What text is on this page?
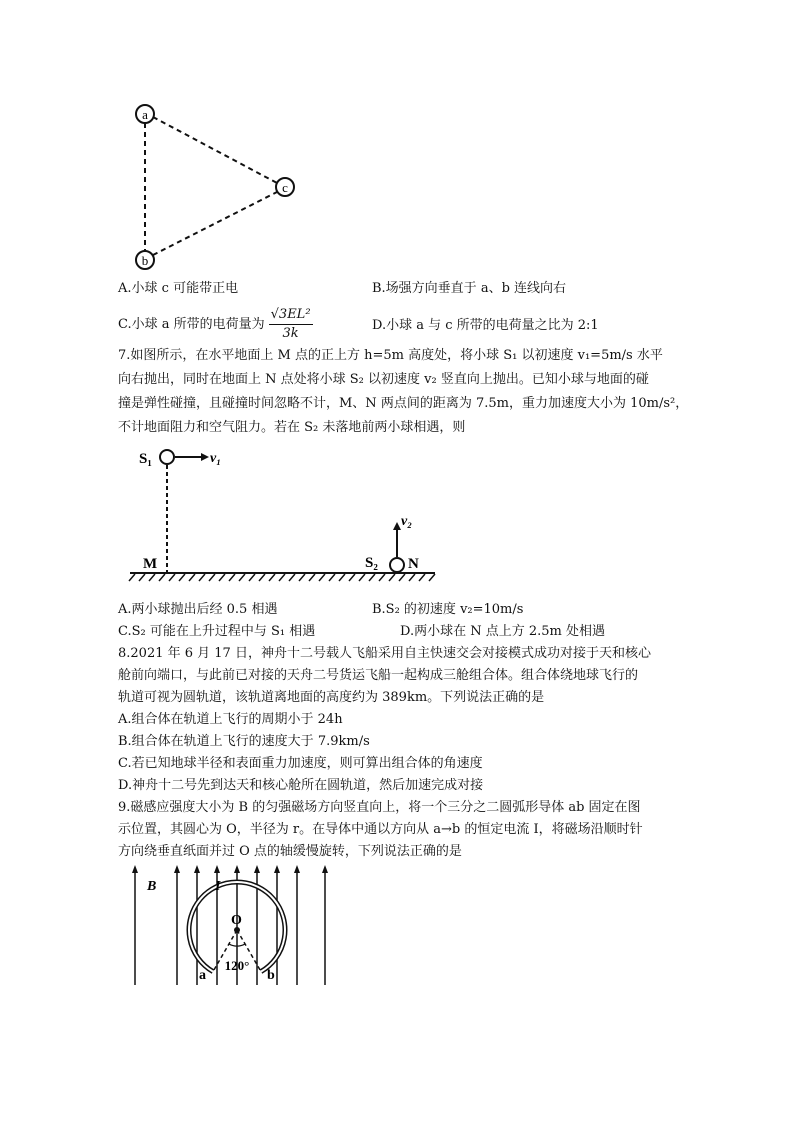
a
c
b
A.小球 c 可能带正电	B.场强方向垂直于 a、b 连线向右
C.小球 a 所带的电荷量为 $\frac{\text{√3EL²}}{3k}$	D.小球 a 与 c 所带的电荷量之比为 2:1
7.如图所示，在水平地面上 M 点的正上方 h=5m 高度处，将小球 S₁ 以初速度 v₁=5m/s 水平
向右抛出，同时在地面上 N 点处将小球 S₂ 以初速度 v₂ 竖直向上抛出。已知小球与地面的碰
撞是弹性碰撞，且碰撞时间忽略不计，M、N 两点间的距离为 7.5m，重力加速度大小为 10m/s²，
不计地面阻力和空气阻力。若在 S₂ 未落地前两小球相遇，则
S₁	v₁
v₂
M	S₂ N
A.两小球抛出后经 0.5 相遇	B.S₂ 的初速度 v₂=10m/s
C.S₂ 可能在上升过程中与 S₁ 相遇	D.两小球在 N 点上方 2.5m 处相遇
8.2021 年 6 月 17 日，神舟十二号载人飞船采用自主快速交会对接模式成功对接于天和核心
舱前向端口，与此前已对接的天舟二号货运飞船一起构成三舱组合体。组合体绕地球飞行的
轨道可视为圆轨道，该轨道离地面的高度约为 389km。下列说法正确的是
A.组合体在轨道上飞行的周期小于 24h
B.组合体在轨道上飞行的速度大于 7.9km/s
C.若已知地球半径和表面重力加速度，则可算出组合体的角速度
D.神舟十二号先到达天和核心舱所在圆轨道，然后加速完成对接
9.磁感应强度大小为 B 的匀强磁场方向竖直向上，将一个三分之二圆弧形导体 ab 固定在图
示位置，其圆心为 O，半径为 r。在导体中通以方向从 a→b 的恒定电流 I，将磁场沿顺时针
方向绕垂直纸面并过 O 点的轴缓慢旋转，下列说法正确的是
B	I
O
a	b
120°
